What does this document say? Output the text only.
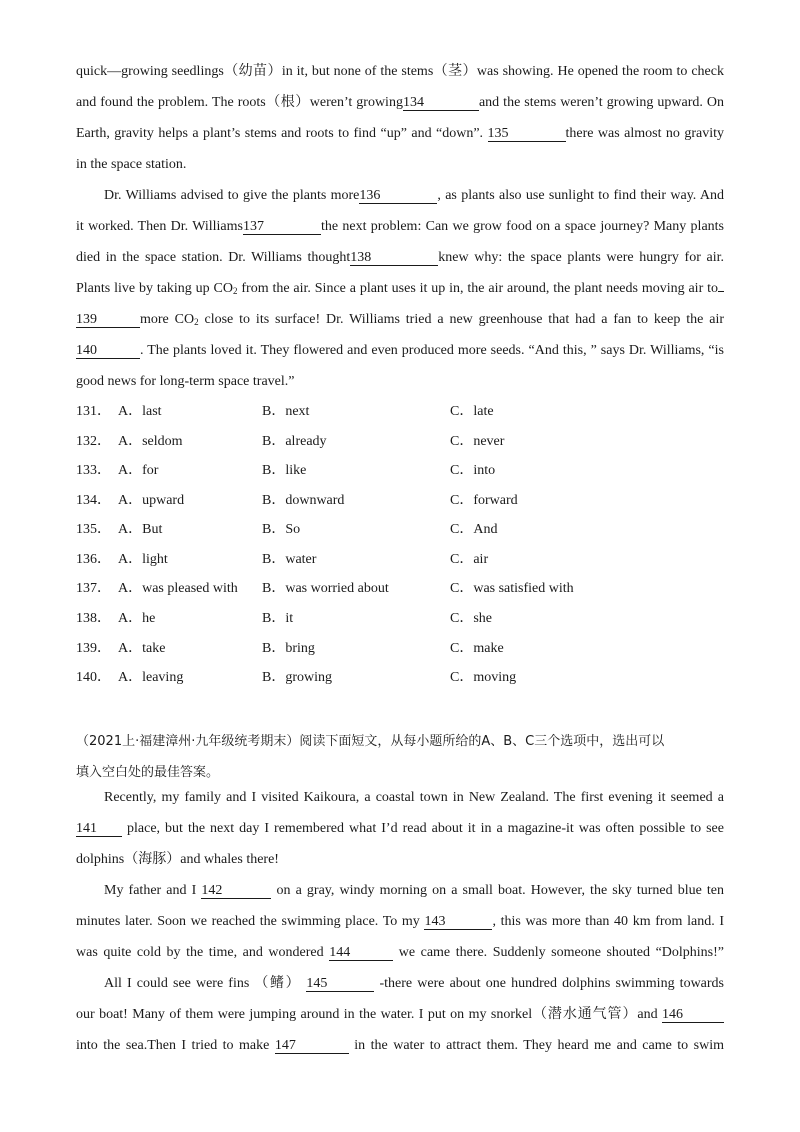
quick—growing seedlings（幼苗）in it, but none of the stems（茎）was showing. He opened the room to check
and found the problem. The roots（根）weren’t growing134	and the stems weren’t growing upward. On
Earth, gravity helps a plant’s stems and roots to find “up” and “down”. 135	there was almost no gravity
in the space station.
Dr. Williams advised to give the plants more136	, as plants also use sunlight to find their way. And
it worked. Then Dr. Williams137	the next problem: Can we grow food on a space journey? Many plants
died in the space station. Dr. Williams thought138	knew why: the space plants were hungry for air.
Plants live by taking up $CO_2$ from the air. Since a plant uses it up in, the air around, the plant needs moving air to
139	more $CO_2$ close to its surface! Dr. Williams tried a new greenhouse that had a fan to keep the air
140	. The plants loved it. They flowered and even produced more seeds. “And this, ” says Dr. Williams, “is
good news for long-term space travel.”
131． A．last	B．next	C．late
132． A．seldom	B．already	C．never
133． A．for	B．like	C．into
134． A．upward	B．downward	C．forward
135． A．But	B．So	C．And
136． A．light	B．water	C．air
137． A．was pleased with B．was worried about	C．was satisfied with
138． A．he	B．it	C．she
139． A．take	B．bring	C．make
140． A．leaving	B．growing	C．moving
（2021上·福建漳州·九年级统考期末）阅读下面短文，从每小题所给的A、B、C三个选项中，选出可以
填入空白处的最佳答案。
Recently, my family and I visited Kaikoura, a coastal town in New Zealand. The first evening it seemed a
141 place, but the next day I remembered what I’d read about it in a magazine-it was often possible to see
dolphins（海豚）and whales there!
My father and I 142	on a gray, windy morning on a small boat. However, the sky turned blue ten
minutes later. Soon we reached the swimming place. To my 143	, this was more than 40 km from land. I
was quite cold by the time, and wondered 144	we came there. Suddenly someone shouted “Dolphins!”
All I could see were fins （鳍） 145	-there were about one hundred dolphins swimming towards
our boat! Many of them were jumping around in the water. I put on my snorkel（潜水通气管）and 146
into the sea.Then I tried to make 147	in the water to attract them. They heard me and came to swim
